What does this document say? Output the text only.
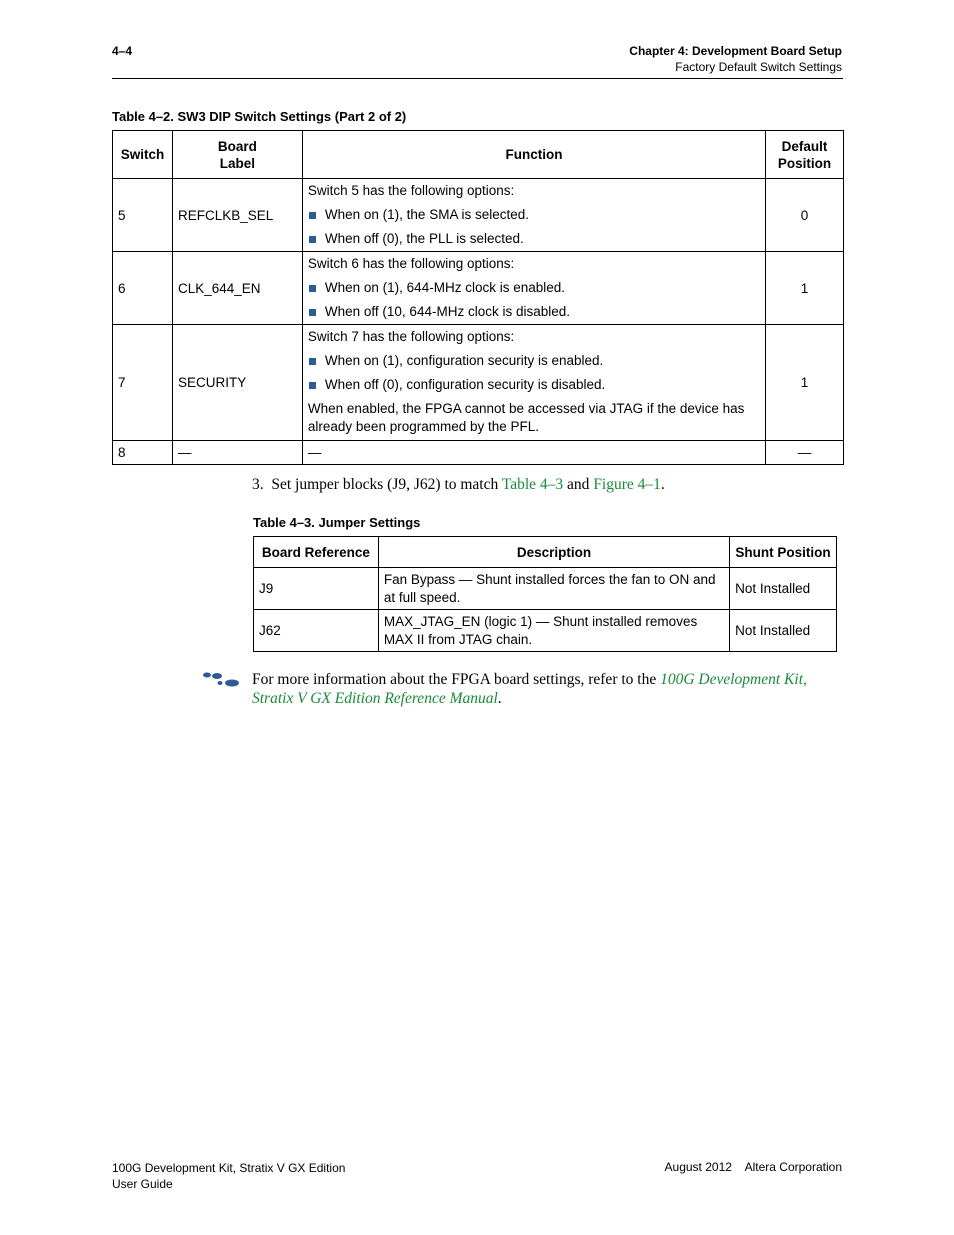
4–4	Chapter 4: Development Board Setup
Factory Default Switch Settings
Table 4–2. SW3 DIP Switch Settings (Part 2 of 2)
Switch	Board Label	Function	Default Position
5	REFCLKB_SEL	Switch 5 has the following options:
When on (1), the SMA is selected.
When off (0), the PLL is selected.	0
6	CLK_644_EN	Switch 6 has the following options:
When on (1), 644-MHz clock is enabled.
When off (10, 644-MHz clock is disabled.	1
7	SECURITY	Switch 7 has the following options:
When on (1), configuration security is enabled.
When off (0), configuration security is disabled.
When enabled, the FPGA cannot be accessed via JTAG if the device has already been programmed by the PFL.	1
8	—	—	—
3. Set jumper blocks (J9, J62) to match Table 4–3 and Figure 4–1.
Table 4–3. Jumper Settings
Board Reference	Description	Shunt Position
J9	Fan Bypass — Shunt installed forces the fan to ON and at full speed.	Not Installed
J62	MAX_JTAG_EN (logic 1) — Shunt installed removes MAX II from JTAG chain.	Not Installed
For more information about the FPGA board settings, refer to the 100G Development Kit, Stratix V GX Edition Reference Manual.
100G Development Kit, Stratix V GX Edition
User Guide
August 2012 Altera Corporation
